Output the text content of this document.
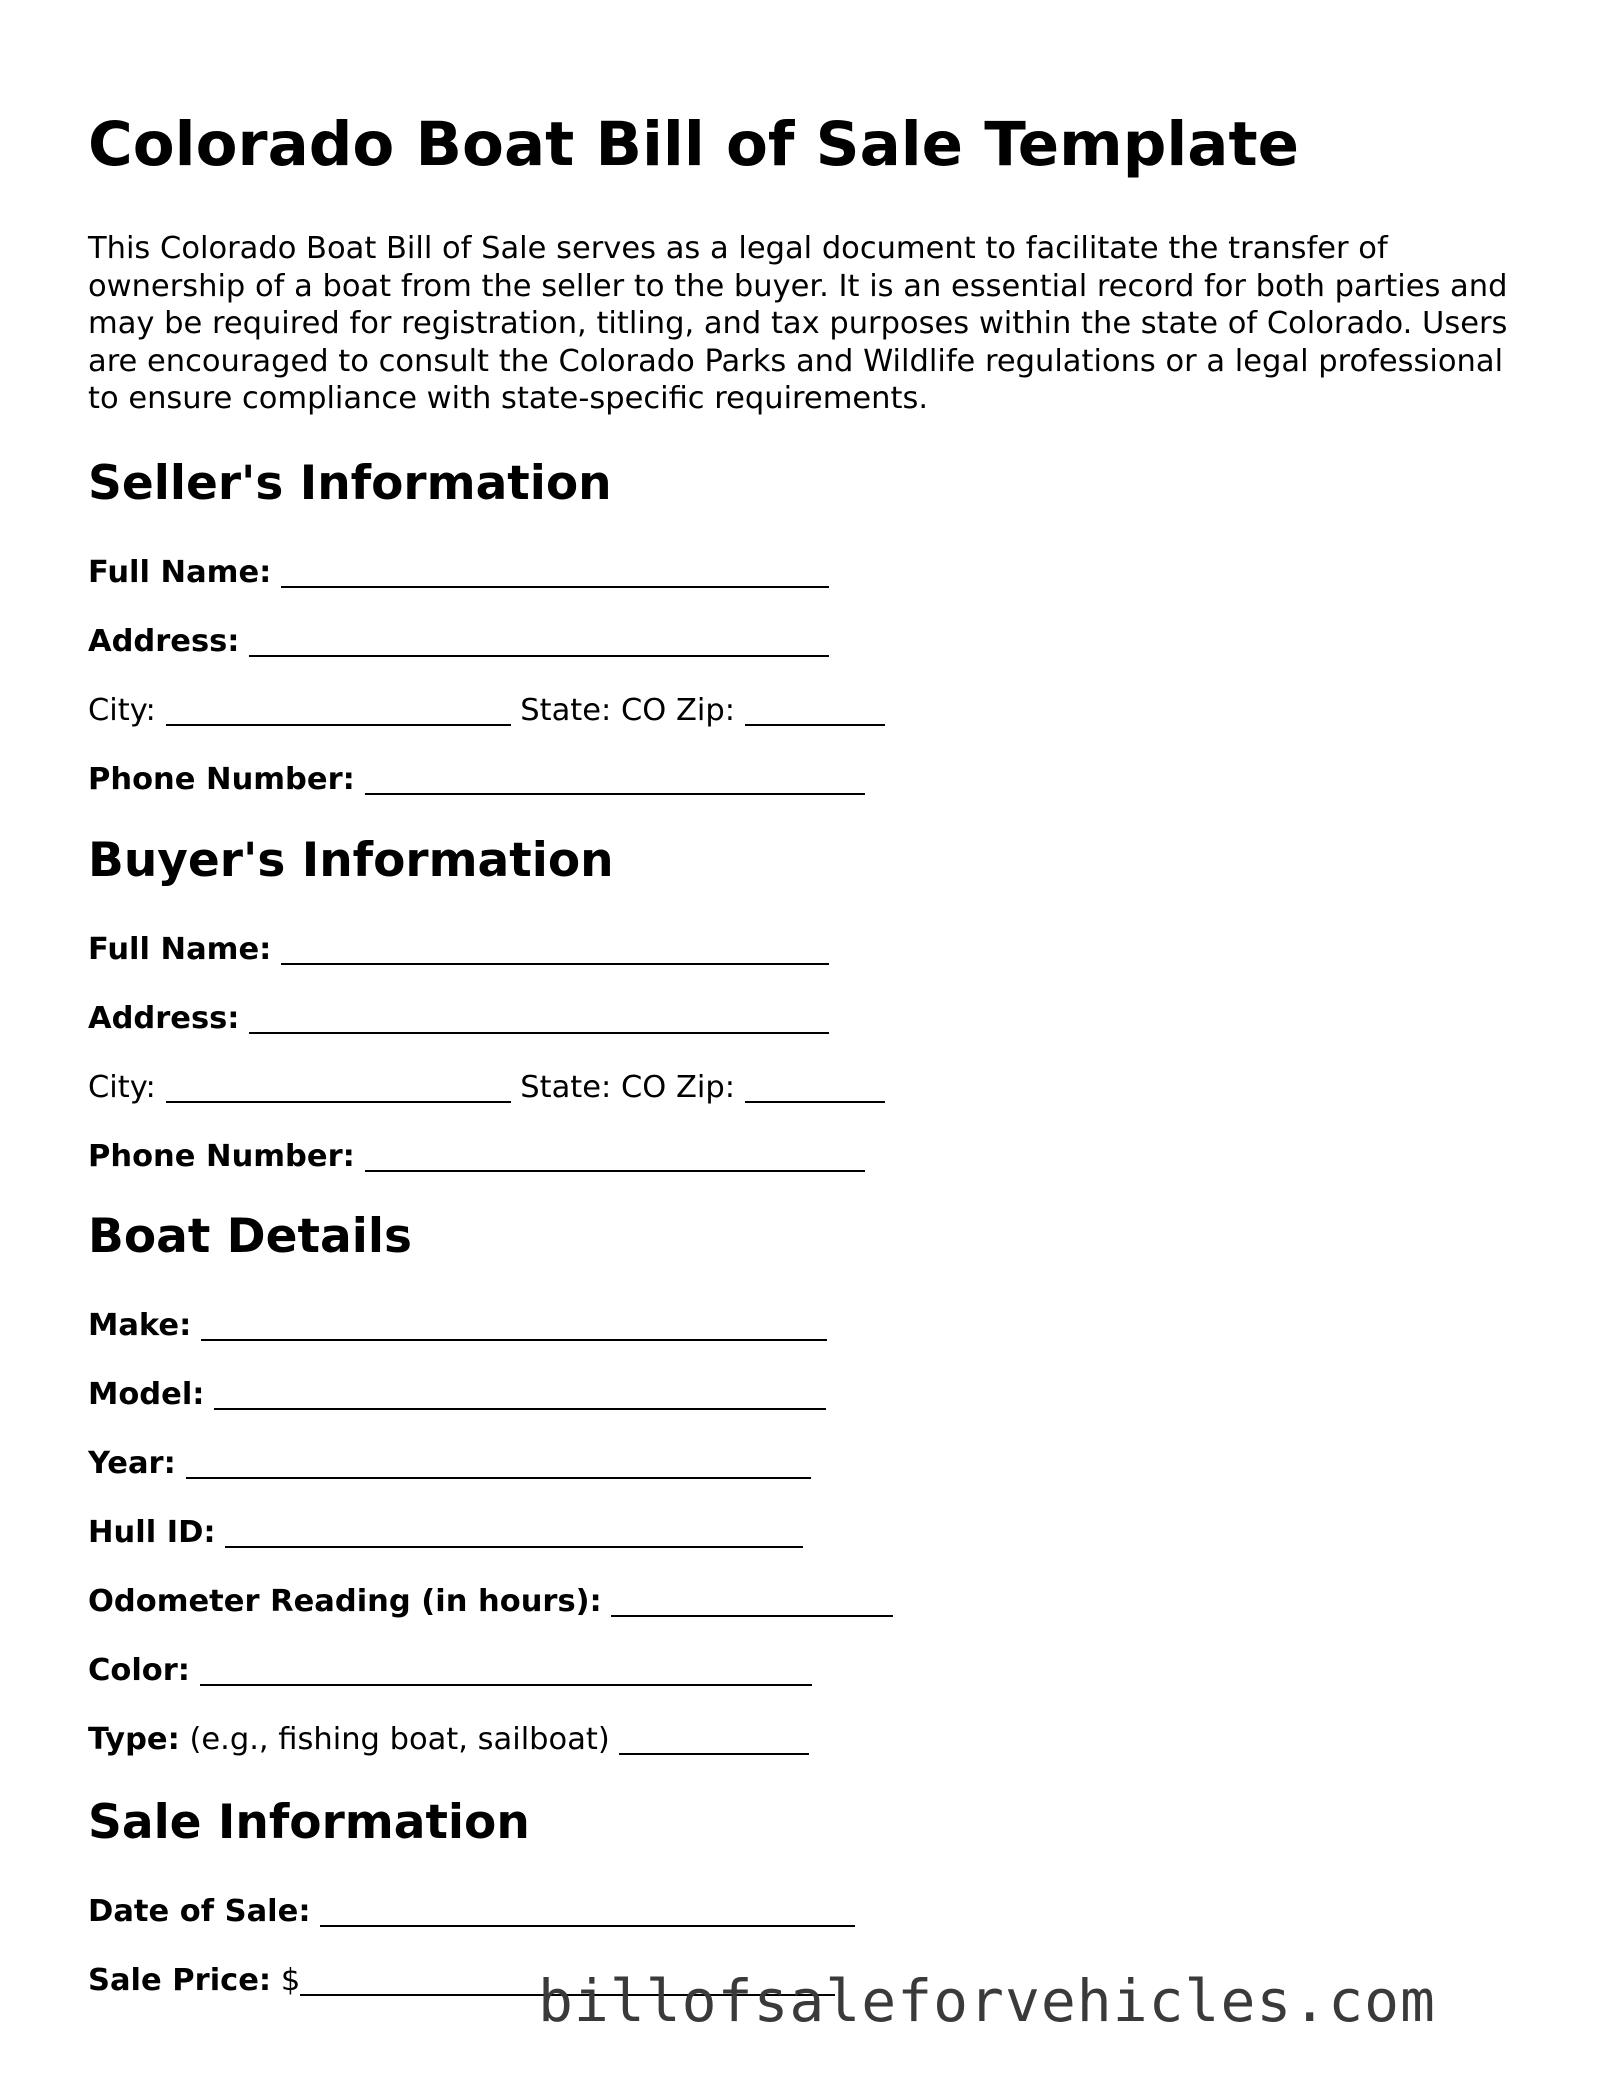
Colorado Boat Bill of Sale Template

This Colorado Boat Bill of Sale serves as a legal document to facilitate the transfer of ownership of a boat from the seller to the buyer. It is an essential record for both parties and may be required for registration, titling, and tax purposes within the state of Colorado. Users are encouraged to consult the Colorado Parks and Wildlife regulations or a legal professional to ensure compliance with state-specific requirements.

Seller's Information
Full Name:
Address:
City:	State: CO Zip:
Phone Number:
Buyer's Information
Full Name:
Address:
City:	State: CO Zip:
Phone Number:
Boat Details
Make:
Model:
Year:
Hull ID:
Odometer Reading (in hours):
Color:
Type: (e.g., fishing boat, sailboat)
Sale Information
Date of Sale:
Sale Price: $	billofsaleforvehicles.com
